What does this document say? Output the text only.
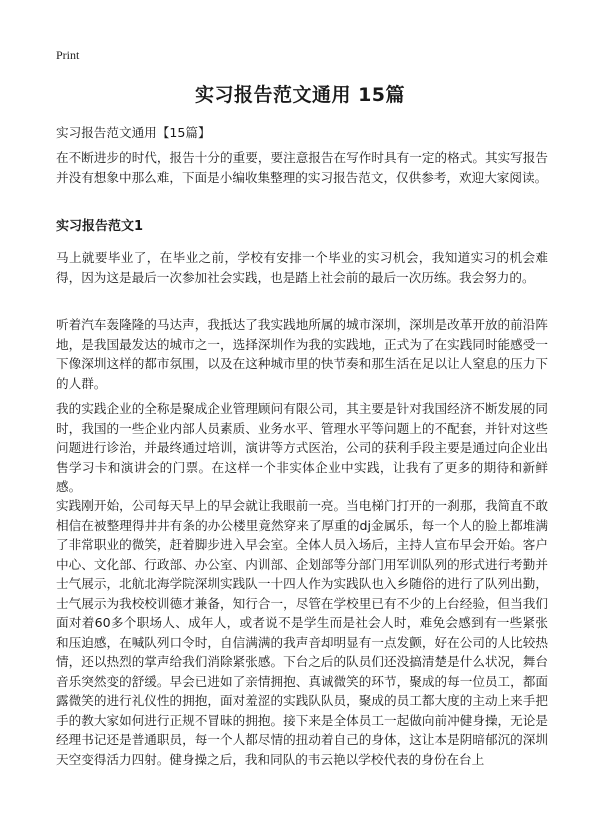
Print
实习报告范文通用 15篇

实习报告范文通用【15篇】

在不断进步的时代，报告十分的重要，要注意报告在写作时具有一定的格式。其实写报告并没有想象中那么难，下面是小编收集整理的实习报告范文，仅供参考，欢迎大家阅读。

实习报告范文1

马上就要毕业了，在毕业之前，学校有安排一个毕业的实习机会，我知道实习的机会难得，因为这是最后一次参加社会实践，也是踏上社会前的最后一次历练。我会努力的。

听着汽车轰隆隆的马达声，我抵达了我实践地所属的城市深圳，深圳是改革开放的前沿阵地，是我国最发达的城市之一，选择深圳作为我的实践地，正式为了在实践同时能感受一下像深圳这样的都市氛围，以及在这种城市里的快节奏和那生活在足以让人窒息的压力下的人群。

我的实践企业的全称是聚成企业管理顾问有限公司，其主要是针对我国经济不断发展的同时，我国的一些企业内部人员素质、业务水平、管理水平等问题上的不配套，并针对这些问题进行诊治，并最终通过培训，演讲等方式医治，公司的获利手段主要是通过向企业出售学习卡和演讲会的门票。在这样一个非实体企业中实践，让我有了更多的期待和新鲜感。

实践刚开始，公司每天早上的早会就让我眼前一亮。当电梯门打开的一刹那，我简直不敢相信在被整理得井井有条的办公楼里竟然穿来了厚重的dj金属乐，每一个人的脸上都堆满了非常职业的微笑，赶着脚步进入早会室。全体人员入场后，主持人宣布早会开始。客户中心、文化部、行政部、办公室、内训部、企划部等分部门用军训队列的形式进行考勤并士气展示，北航北海学院深圳实践队一十四人作为实践队也入乡随俗的进行了队列出勤，士气展示为我校校训德才兼备，知行合一，尽管在学校里已有不少的上台经验，但当我们面对着60多个职场人、成年人，或者说不是学生而是社会人时，难免会感到有一些紧张和压迫感，在喊队列口令时，自信满满的我声音却明显有一点发颤，好在公司的人比较热情，还以热烈的掌声给我们消除紧张感。下台之后的队员们还没搞清楚是什么状况，舞台音乐突然变的舒缓。早会已进如了亲情拥抱、真诚微笑的环节，聚成的每一位员工，都面露微笑的进行礼仪性的拥抱，面对羞涩的实践队队员，聚成的员工都大度的主动上来手把手的教大家如何进行正规不冒昧的拥抱。接下来是全体员工一起做向前冲健身操，无论是经理书记还是普通职员，每一个人都尽情的扭动着自己的身体，这让本是阴暗郁沉的深圳天空变得活力四射。健身操之后，我和同队的韦云艳以学校代表的身份在台上
